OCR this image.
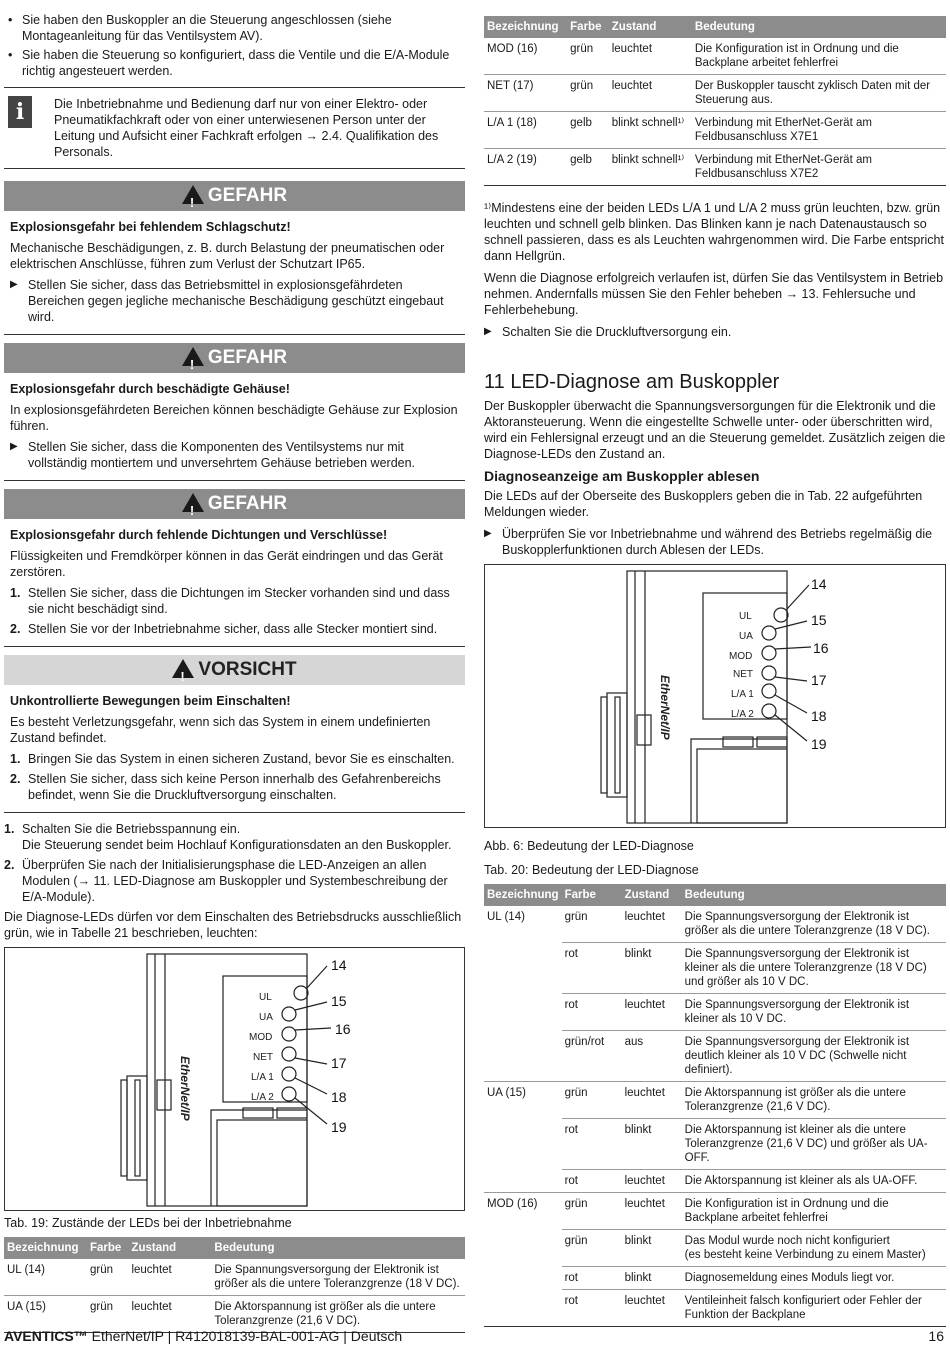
• Sie haben den Buskoppler an die Steuerung angeschlossen (siehe Montageanleitung für das Ventilsystem AV).
• Sie haben die Steuerung so konfiguriert, dass die Ventile und die E/A-Module richtig angesteuert werden.
i	Die Inbetriebnahme und Bedienung darf nur von einer Elektro- oder Pneumatikfachkraft oder von einer unterwiesenen Person unter der Leitung und Aufsicht einer Fachkraft erfolgen → 2.4. Qualifikation des Personals.
! GEFAHR
Explosionsgefahr bei fehlendem Schlagschutz!

Mechanische Beschädigungen, z. B. durch Belastung der pneumatischen oder elektrischen Anschlüsse, führen zum Verlust der Schutzart IP65.

▶ Stellen Sie sicher, dass das Betriebsmittel in explosionsgefährdeten Bereichen gegen jegliche mechanische Beschädigung geschützt eingebaut wird.
! GEFAHR
Explosionsgefahr durch beschädigte Gehäuse!

In explosionsgefährdeten Bereichen können beschädigte Gehäuse zur Explosion führen.

▶ Stellen Sie sicher, dass die Komponenten des Ventilsystems nur mit vollständig montiertem und unversehrtem Gehäuse betrieben werden.
! GEFAHR
Explosionsgefahr durch fehlende Dichtungen und Verschlüsse!

Flüssigkeiten und Fremdkörper können in das Gerät eindringen und das Gerät zerstören.

1. Stellen Sie sicher, dass die Dichtungen im Stecker vorhanden sind und dass sie nicht beschädigt sind.
2. Stellen Sie vor der Inbetriebnahme sicher, dass alle Stecker montiert sind.
! VORSICHT
Unkontrollierte Bewegungen beim Einschalten!

Es besteht Verletzungsgefahr, wenn sich das System in einem undefinierten Zustand befindet.

1. Bringen Sie das System in einen sicheren Zustand, bevor Sie es einschalten.
2. Stellen Sie sicher, dass sich keine Person innerhalb des Gefahrenbereichs befindet, wenn Sie die Druckluftversorgung einschalten.
1. Schalten Sie die Betriebsspannung ein.
Die Steuerung sendet beim Hochlauf Konfigurationsdaten an den Buskoppler.
2. Überprüfen Sie nach der Initialisierungsphase die LED-Anzeigen an allen Modulen (→ 11. LED-Diagnose am Buskoppler und Systembeschreibung der E/A-Module).

Die Diagnose-LEDs dürfen vor dem Einschalten des Betriebsdrucks ausschließlich grün, wie in Tabelle 21 beschrieben, leuchten:

UL
UA
MOD
NET
L/A 1
L/A 2
14
15
16
17
18
19
EtherNet/IP
Tab. 19: Zustände der LEDs bei der Inbetriebnahme
Bezeichnung	Farbe	Zustand	Bedeutung
UL (14)	grün	leuchtet	Die Spannungsversorgung der Elektronik ist größer als die untere Toleranzgrenze (18 V DC).
UA (15)	grün	leuchtet	Die Aktorspannung ist größer als die untere Toleranzgrenze (21,6 V DC).
Bezeichnung	Farbe	Zustand	Bedeutung
MOD (16)	grün	leuchtet	Die Konfiguration ist in Ordnung und die Backplane arbeitet fehlerfrei
NET (17)	grün	leuchtet	Der Buskoppler tauscht zyklisch Daten mit der Steuerung aus.
L/A 1 (18)	gelb	blinkt schnell¹⁾	Verbindung mit EtherNet-Gerät am Feldbusanschluss X7E1
L/A 2 (19)	gelb	blinkt schnell¹⁾	Verbindung mit EtherNet-Gerät am Feldbusanschluss X7E2

¹⁾Mindestens eine der beiden LEDs L/A 1 und L/A 2 muss grün leuchten, bzw. grün leuchten und schnell gelb blinken. Das Blinken kann je nach Datenaustausch so schnell passieren, dass es als Leuchten wahrgenommen wird. Die Farbe entspricht dann Hellgrün.

Wenn die Diagnose erfolgreich verlaufen ist, dürfen Sie das Ventilsystem in Betrieb nehmen. Andernfalls müssen Sie den Fehler beheben → 13. Fehlersuche und Fehlerbehebung.

▶ Schalten Sie die Druckluftversorgung ein.
11 LED-Diagnose am Buskoppler

Der Buskoppler überwacht die Spannungsversorgungen für die Elektronik und die Aktoransteuerung. Wenn die eingestellte Schwelle unter- oder überschritten wird, wird ein Fehlersignal erzeugt und an die Steuerung gemeldet. Zusätzlich zeigen die Diagnose-LEDs den Zustand an.

Diagnoseanzeige am Buskoppler ablesen

Die LEDs auf der Oberseite des Buskopplers geben die in Tab. 22 aufgeführten Meldungen wieder.

▶ Überprüfen Sie vor Inbetriebnahme und während des Betriebs regelmäßig die Buskopplerfunktionen durch Ablesen der LEDs.
UL
UA
MOD
NET
L/A 1
L/A 2
14
15
16
17
18
19
EtherNet/IP
Abb. 6: Bedeutung der LED-Diagnose
Tab. 20: Bedeutung der LED-Diagnose
Bezeichnung	Farbe	Zustand	Bedeutung
UL (14)	grün	leuchtet	Die Spannungsversorgung der Elektronik ist größer als die untere Toleranzgrenze (18 V DC).
	rot	blinkt	Die Spannungsversorgung der Elektronik ist kleiner als die untere Toleranzgrenze (18 V DC) und größer als 10 V DC.
	rot	leuchtet	Die Spannungsversorgung der Elektronik ist kleiner als 10 V DC.
	grün/rot	aus	Die Spannungsversorgung der Elektronik ist deutlich kleiner als 10 V DC (Schwelle nicht definiert).
UA (15)	grün	leuchtet	Die Aktorspannung ist größer als die untere Toleranzgrenze (21,6 V DC).
	rot	blinkt	Die Aktorspannung ist kleiner als die untere Toleranzgrenze (21,6 V DC) und größer als UA-OFF.
	rot	leuchtet	Die Aktorspannung ist kleiner als als UA-OFF.
MOD (16)	grün	leuchtet	Die Konfiguration ist in Ordnung und die Backplane arbeitet fehlerfrei
	grün	blinkt	Das Modul wurde noch nicht konfiguriert
(es besteht keine Verbindung zu einem Master)
	rot	blinkt	Diagnosemeldung eines Moduls liegt vor.
	rot	leuchtet	Ventileinheit falsch konfiguriert oder Fehler der Funktion der Backplane
AVENTICS™ EtherNet/IP | R412018139-BAL-001-AG | Deutsch	16
